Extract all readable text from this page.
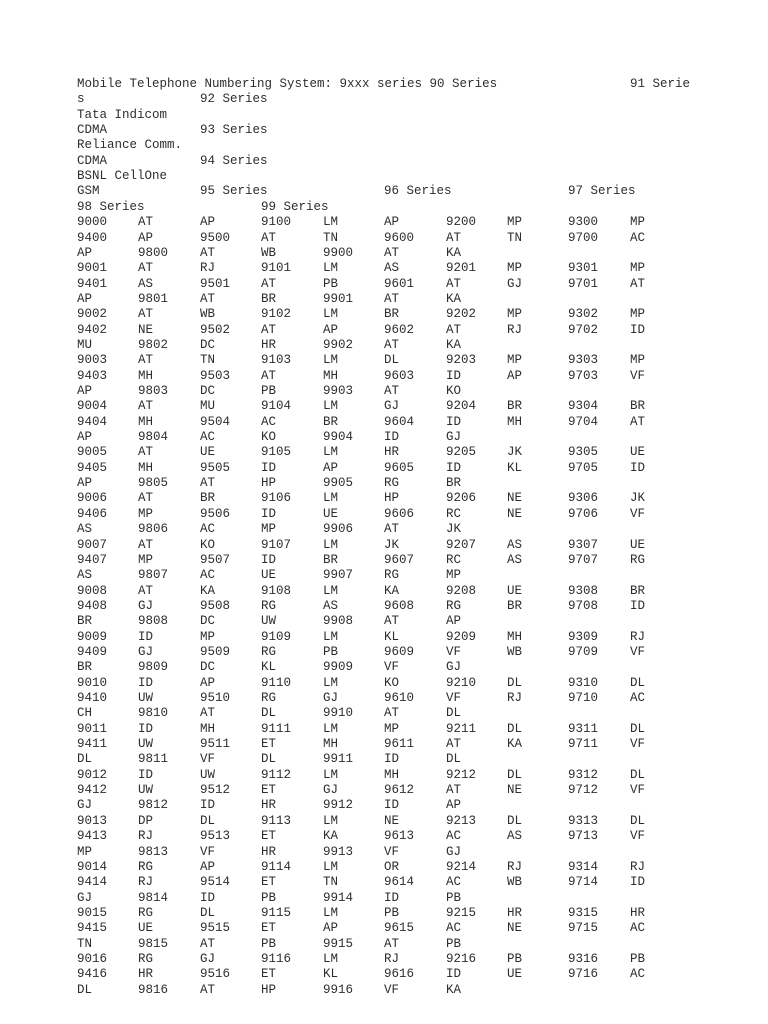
Mobile Telephone Numbering System: 9xxx series 90 Series	91 Serie
s	92 Series
Tata Indicom
CDMA	93 Series
Reliance Comm.
CDMA	94 Series
BSNL CellOne
GSM	95 Series	96 Series	97 Series
98 Series	99 Series
9000 AT	AP	9100	LM	AP	9200 MP	9300	MP
9400 AP	9500 AT	TN	9600	AT	TN	9700	AC
AP	9800	AT	WB	9900 AT	KA
9001 AT	RJ	9101	LM	AS	9201 MP	9301	MP
9401 AS	9501 AT	PB	9601	AT	GJ	9701	AT
AP	9801	AT	BR	9901 AT	KA
9002 AT	WB	9102	LM	BR	9202 MP	9302	MP
9402 NE	9502 AT	AP	9602	AT	RJ	9702	ID
MU	9802	DC	HR	9902 AT	KA
9003 AT	TN	9103	LM	DL	9203 MP	9303	MP
9403 MH	9503 AT	MH	9603	ID	AP	9703	VF
AP	9803	DC	PB	9903 AT	KO
9004 AT	MU	9104	LM	GJ	9204 BR	9304	BR
9404 MH	9504 AC	BR	9604	ID	MH	9704	AT
AP	9804	AC	KO	9904 ID	GJ
9005 AT	UE	9105	LM	HR	9205 JK	9305	UE
9405 MH	9505 ID	AP	9605	ID	KL	9705	ID
AP	9805	AT	HP	9905 RG	BR
9006 AT	BR	9106	LM	HP	9206 NE	9306	JK
9406 MP	9506 ID	UE	9606	RC	NE	9706	VF
AS	9806	AC	MP	9906 AT	JK
9007 AT	KO	9107	LM	JK	9207 AS	9307	UE
9407 MP	9507 ID	BR	9607	RC	AS	9707	RG
AS	9807	AC	UE	9907 RG	MP
9008 AT	KA	9108	LM	KA	9208 UE	9308	BR
9408 GJ	9508 RG	AS	9608	RG	BR	9708	ID
BR	9808	DC	UW	9908 AT	AP
9009 ID	MP	9109	LM	KL	9209 MH	9309	RJ
9409 GJ	9509 RG	PB	9609	VF	WB	9709	VF
BR	9809	DC	KL	9909 VF	GJ
9010 ID	AP	9110	LM	KO	9210 DL	9310	DL
9410 UW	9510 RG	GJ	9610	VF	RJ	9710	AC
CH	9810	AT	DL	9910 AT	DL
9011 ID	MH	9111	LM	MP	9211 DL	9311	DL
9411 UW	9511 ET	MH	9611	AT	KA	9711	VF
DL	9811	VF	DL	9911 ID	DL
9012 ID	UW	9112	LM	MH	9212 DL	9312	DL
9412 UW	9512 ET	GJ	9612	AT	NE	9712	VF
GJ	9812	ID	HR	9912 ID	AP
9013 DP	DL	9113	LM	NE	9213 DL	9313	DL
9413 RJ	9513 ET	KA	9613	AC	AS	9713	VF
MP	9813	VF	HR	9913 VF	GJ
9014 RG	AP	9114	LM	OR	9214 RJ	9314	RJ
9414 RJ	9514 ET	TN	9614	AC	WB	9714	ID
GJ	9814	ID	PB	9914 ID	PB
9015 RG	DL	9115	LM	PB	9215 HR	9315	HR
9415 UE	9515 ET	AP	9615	AC	NE	9715	AC
TN	9815	AT	PB	9915 AT	PB
9016 RG	GJ	9116	LM	RJ	9216 PB	9316	PB
9416 HR	9516 ET	KL	9616	ID	UE	9716	AC
DL	9816	AT	HP	9916 VF	KA
